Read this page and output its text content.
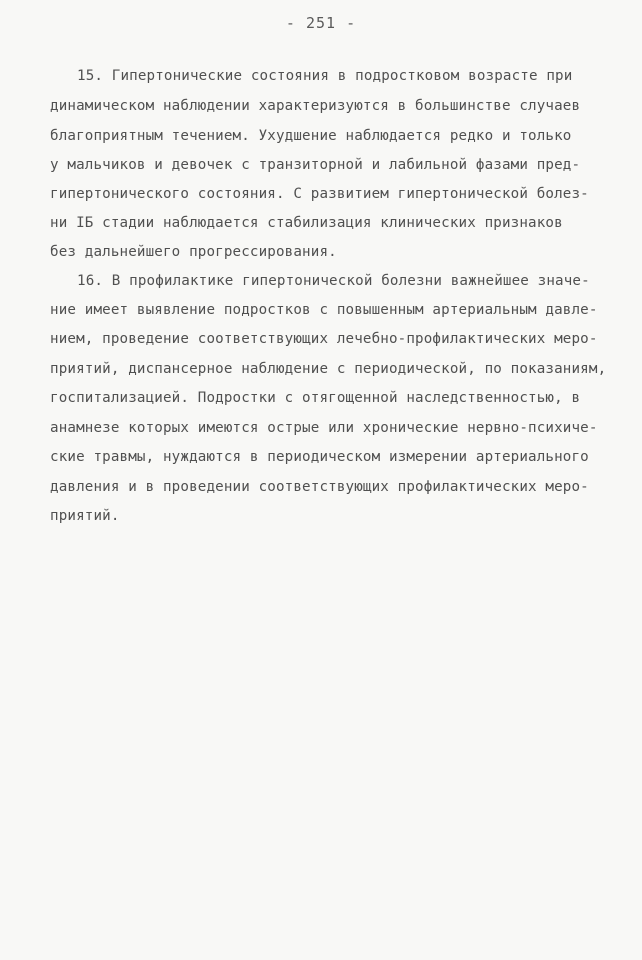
- 251 -
15. Гипертонические состояния в подростковом возрасте при
динамическом наблюдении характеризуются в большинстве случаев
благоприятным течением. Ухудшение наблюдается редко и только
у мальчиков и девочек с транзиторной и лабильной фазами пред-
гипертонического состояния. С развитием гипертонической болез-
ни IБ стадии наблюдается стабилизация клинических признаков
без дальнейшего прогрессирования.
16. В профилактике гипертонической болезни важнейшее значе-
ние имеет выявление подростков с повышенным артериальным давле-
нием, проведение соответствующих лечебно-профилактических меро-
приятий, диспансерное наблюдение с периодической, по показаниям,
госпитализацией. Подростки с отягощенной наследственностью, в
анамнезе которых имеются острые или хронические нервно-психиче-
ские травмы, нуждаются в периодическом измерении артериального
давления и в проведении соответствующих профилактических меро-
приятий.
